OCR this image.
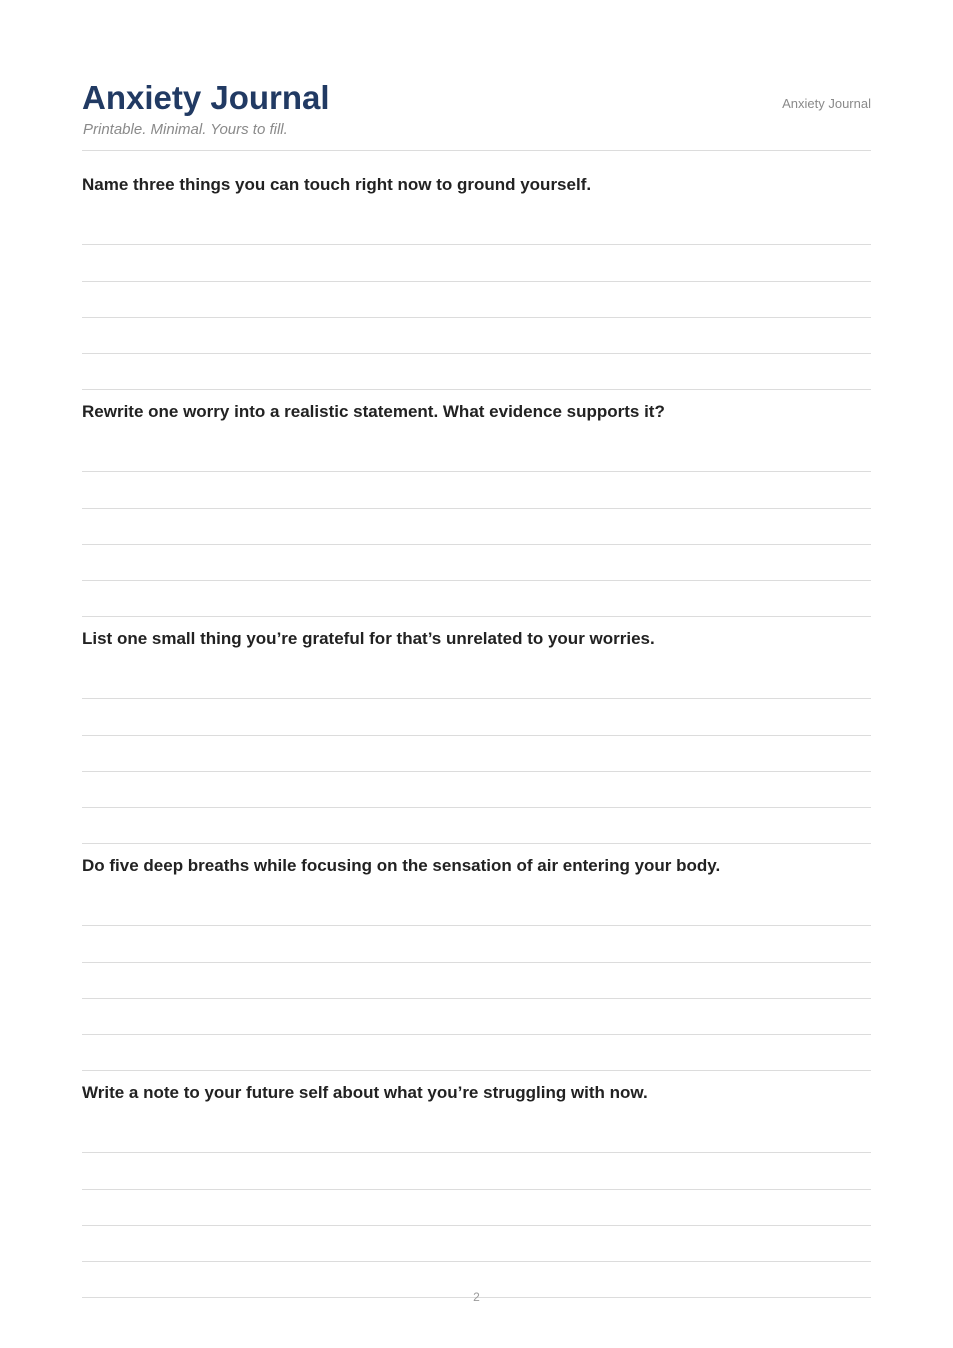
Anxiety Journal
Printable. Minimal. Yours to fill.
Anxiety Journal

Name three things you can touch right now to ground yourself.

Rewrite one worry into a realistic statement. What evidence supports it?

List one small thing you’re grateful for that’s unrelated to your worries.

Do five deep breaths while focusing on the sensation of air entering your body.

Write a note to your future self about what you’re struggling with now.

2
